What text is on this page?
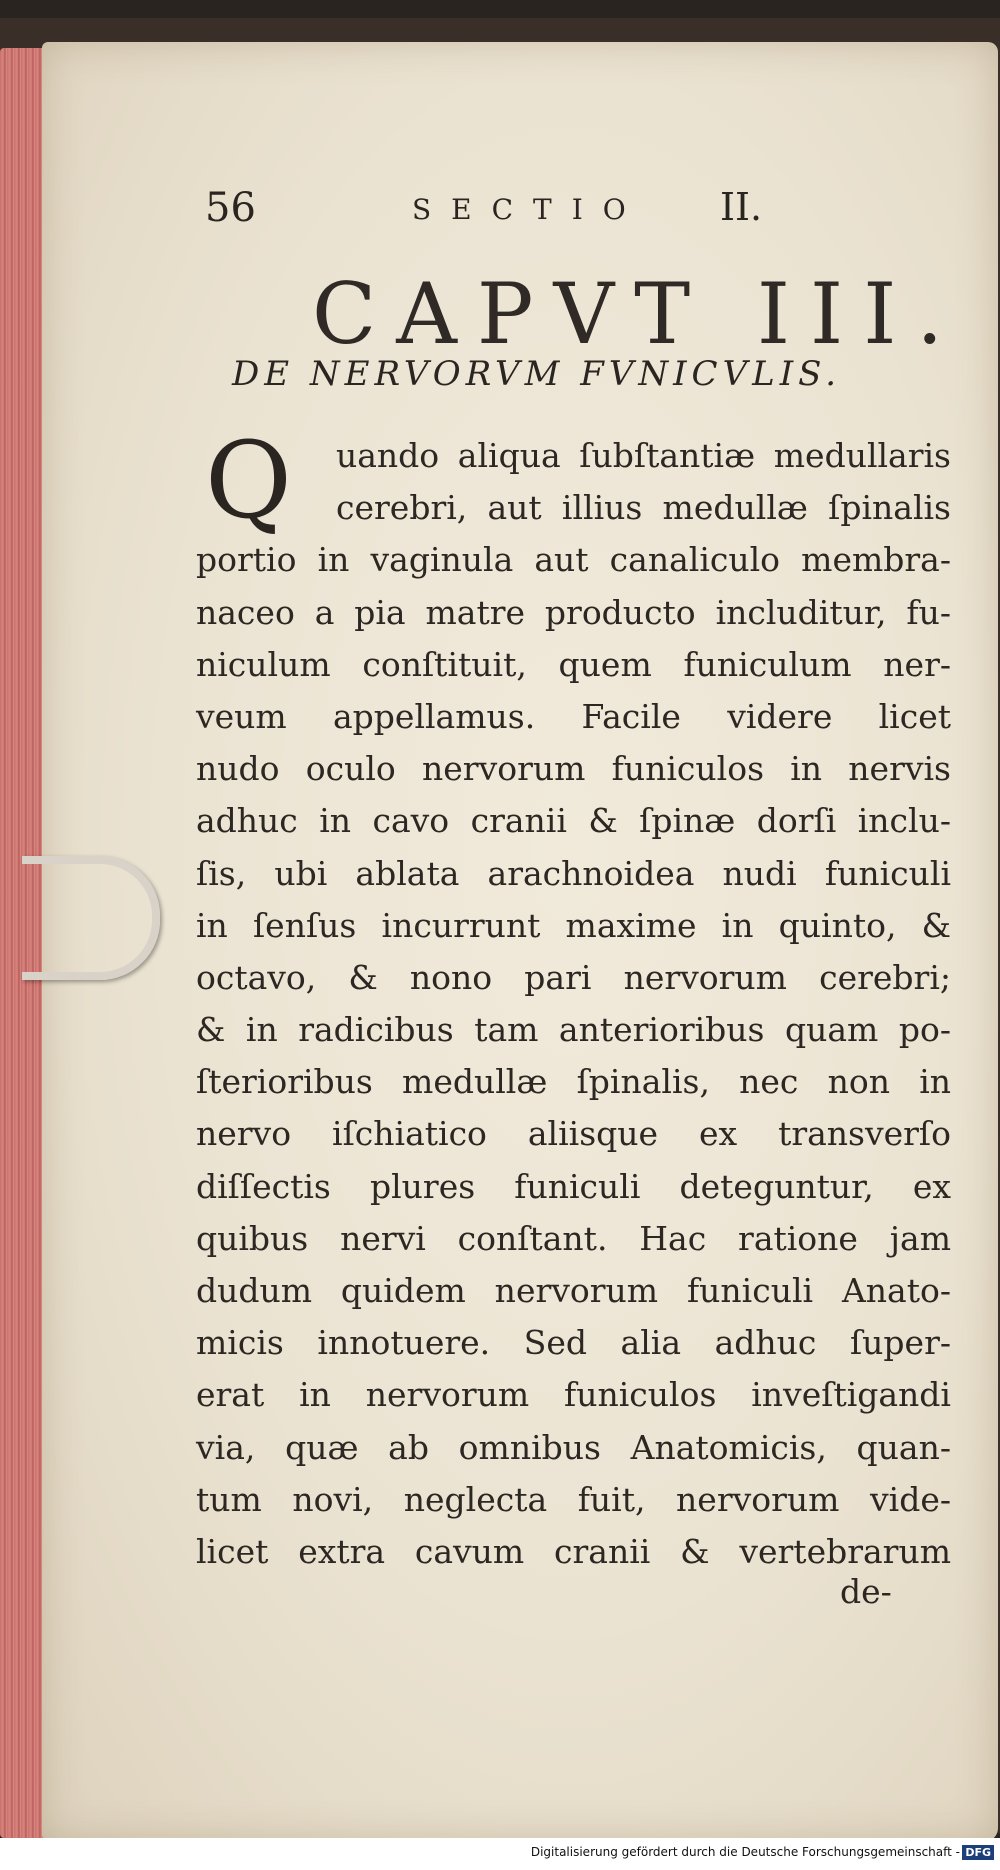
56	SECTIO II.
CAPVT III.
DE NERVORVM FVNICVLIS.
Q	uando aliqua ſubſtantiæ medullaris
cerebri, aut illius medullæ ſpinalis
portio in vaginula aut canaliculo membra-
naceo a pia matre producto includitur, fu-
niculum conſtituit, quem funiculum ner-
veum appellamus. Facile videre licet
nudo oculo nervorum funiculos in nervis
adhuc in cavo cranii & ſpinæ dorſi inclu-
ſis, ubi ablata arachnoidea nudi funiculi
in ſenſus incurrunt maxime in quinto, &
octavo, & nono pari nervorum cerebri;
& in radicibus tam anterioribus quam po-
ſterioribus medullæ ſpinalis, nec non in
nervo iſchiatico aliisque ex transverſo
diſſectis plures funiculi deteguntur, ex
quibus nervi conſtant. Hac ratione jam
dudum quidem nervorum funiculi Anato-
micis innotuere. Sed alia adhuc ſuper-
erat in nervorum funiculos inveſtigandi
via, quæ ab omnibus Anatomicis, quan-
tum novi, neglecta fuit, nervorum vide-
licet extra cavum cranii & vertebrarum
de-
Digitalisierung gefördert durch die Deutsche Forschungsgemeinschaft - DFG
